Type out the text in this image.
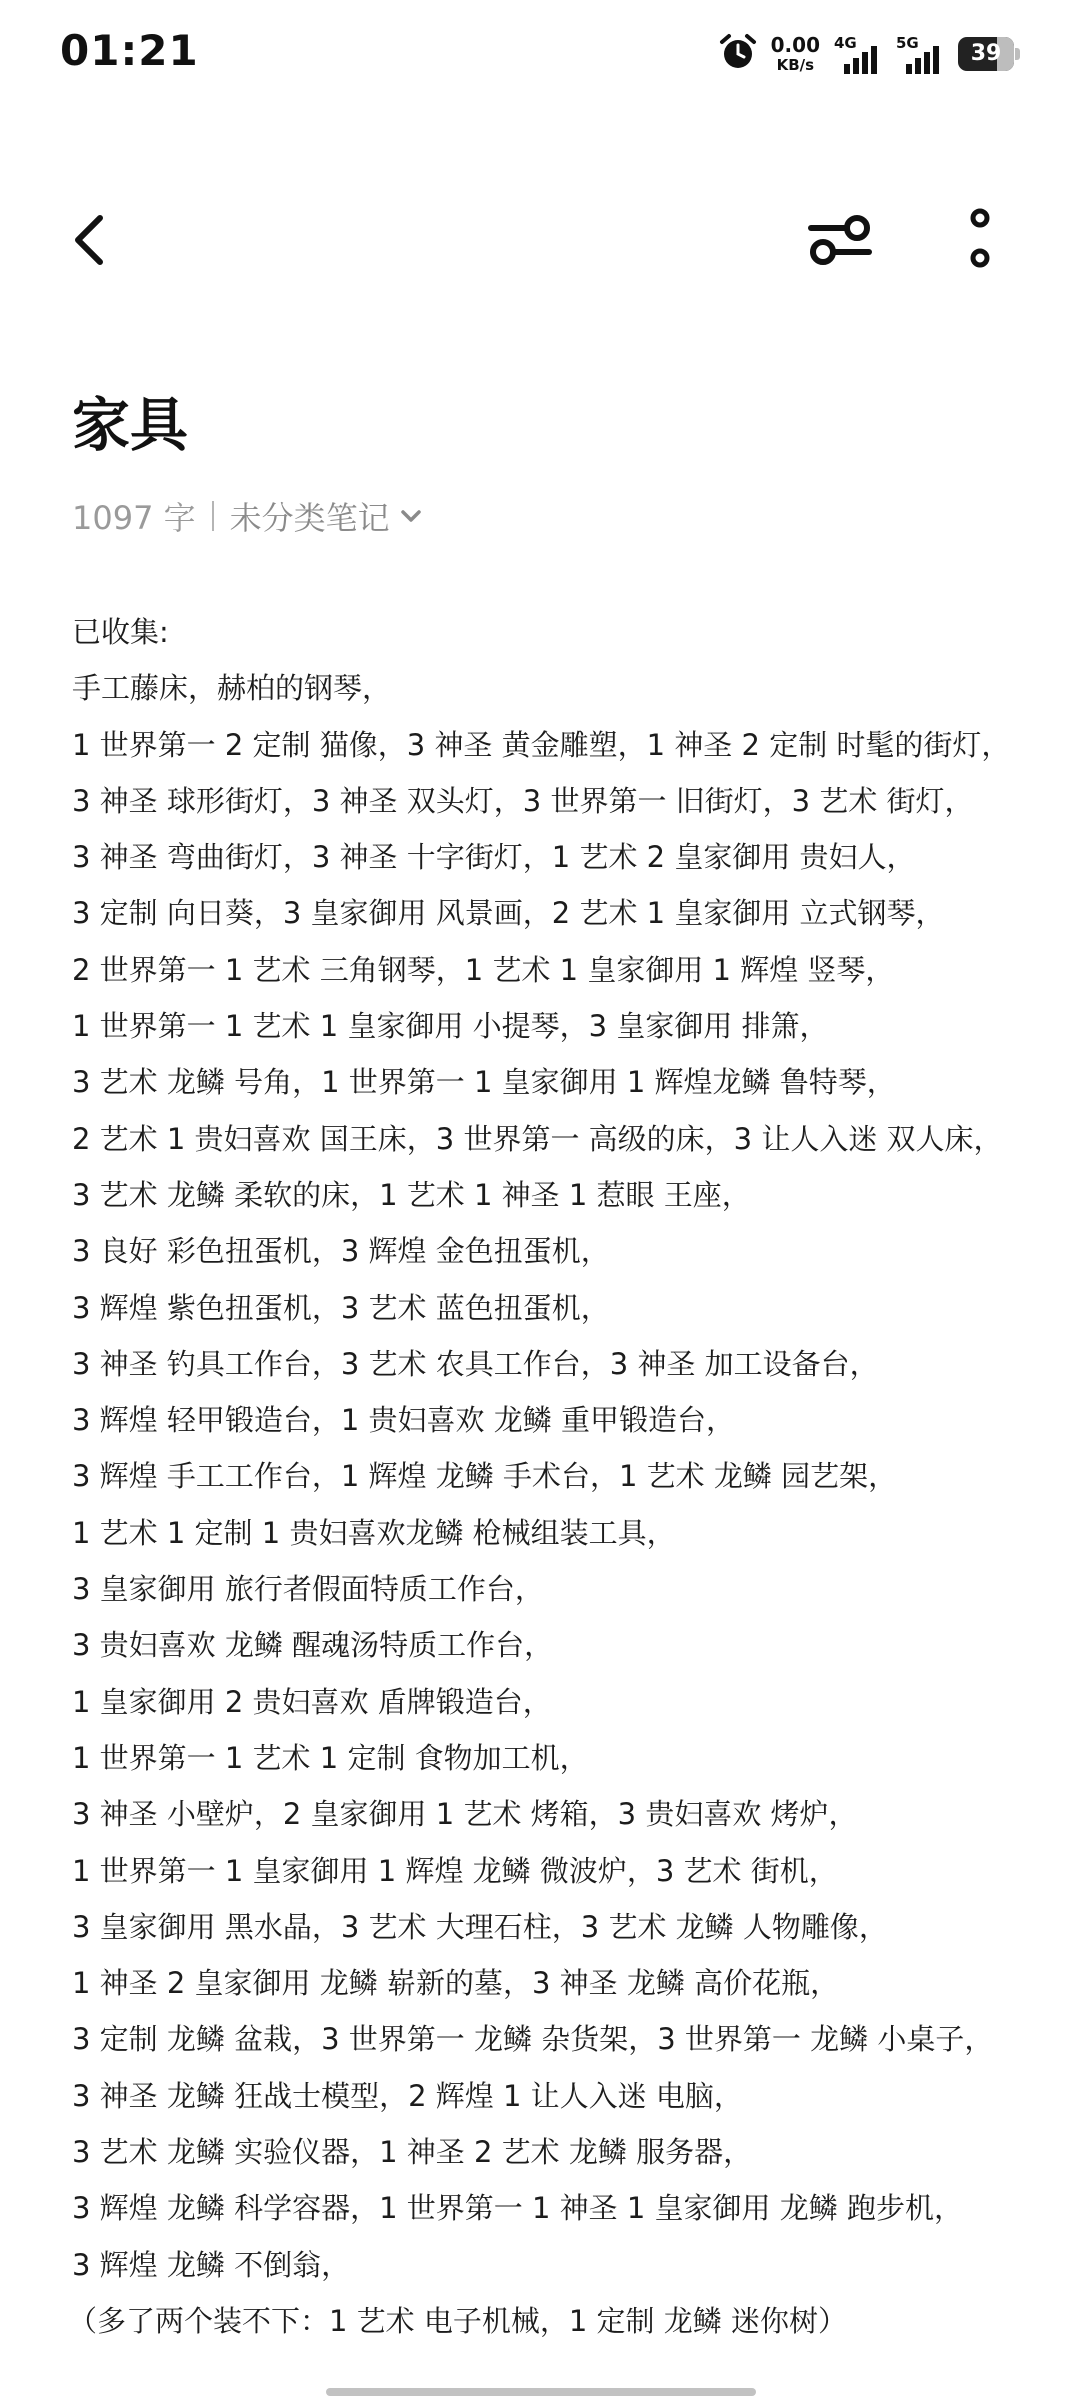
01:21	0.00
KB/s
4G	5G	39
家具
1097 字 未分类笔记
已收集:
手工藤床，赫柏的钢琴，
1 世界第一 2 定制 猫像，3 神圣 黄金雕塑，1 神圣 2 定制 时髦的街灯，
3 神圣 球形街灯，3 神圣 双头灯，3 世界第一 旧街灯，3 艺术 街灯，
3 神圣 弯曲街灯，3 神圣 十字街灯，1 艺术 2 皇家御用 贵妇人，
3 定制 向日葵，3 皇家御用 风景画，2 艺术 1 皇家御用 立式钢琴，
2 世界第一 1 艺术 三角钢琴，1 艺术 1 皇家御用 1 辉煌 竖琴，
1 世界第一 1 艺术 1 皇家御用 小提琴，3 皇家御用 排箫，
3 艺术 龙鳞 号角，1 世界第一 1 皇家御用 1 辉煌龙鳞 鲁特琴，
2 艺术 1 贵妇喜欢 国王床，3 世界第一 高级的床，3 让人入迷 双人床，
3 艺术 龙鳞 柔软的床，1 艺术 1 神圣 1 惹眼 王座，
3 良好 彩色扭蛋机，3 辉煌 金色扭蛋机，
3 辉煌 紫色扭蛋机，3 艺术 蓝色扭蛋机，
3 神圣 钓具工作台，3 艺术 农具工作台，3 神圣 加工设备台，
3 辉煌 轻甲锻造台，1 贵妇喜欢 龙鳞 重甲锻造台，
3 辉煌 手工工作台，1 辉煌 龙鳞 手术台，1 艺术 龙鳞 园艺架，
1 艺术 1 定制 1 贵妇喜欢龙鳞 枪械组装工具，
3 皇家御用 旅行者假面特质工作台，
3 贵妇喜欢 龙鳞 醒魂汤特质工作台，
1 皇家御用 2 贵妇喜欢 盾牌锻造台，
1 世界第一 1 艺术 1 定制 食物加工机，
3 神圣 小壁炉，2 皇家御用 1 艺术 烤箱，3 贵妇喜欢 烤炉，
1 世界第一 1 皇家御用 1 辉煌 龙鳞 微波炉，3 艺术 街机，
3 皇家御用 黑水晶，3 艺术 大理石柱，3 艺术 龙鳞 人物雕像，
1 神圣 2 皇家御用 龙鳞 崭新的墓，3 神圣 龙鳞 高价花瓶，
3 定制 龙鳞 盆栽，3 世界第一 龙鳞 杂货架，3 世界第一 龙鳞 小桌子，
3 神圣 龙鳞 狂战士模型，2 辉煌 1 让人入迷 电脑，
3 艺术 龙鳞 实验仪器，1 神圣 2 艺术 龙鳞 服务器，
3 辉煌 龙鳞 科学容器，1 世界第一 1 神圣 1 皇家御用 龙鳞 跑步机，
3 辉煌 龙鳞 不倒翁，
（多了两个装不下：1 艺术 电子机械，1 定制 龙鳞 迷你树）
